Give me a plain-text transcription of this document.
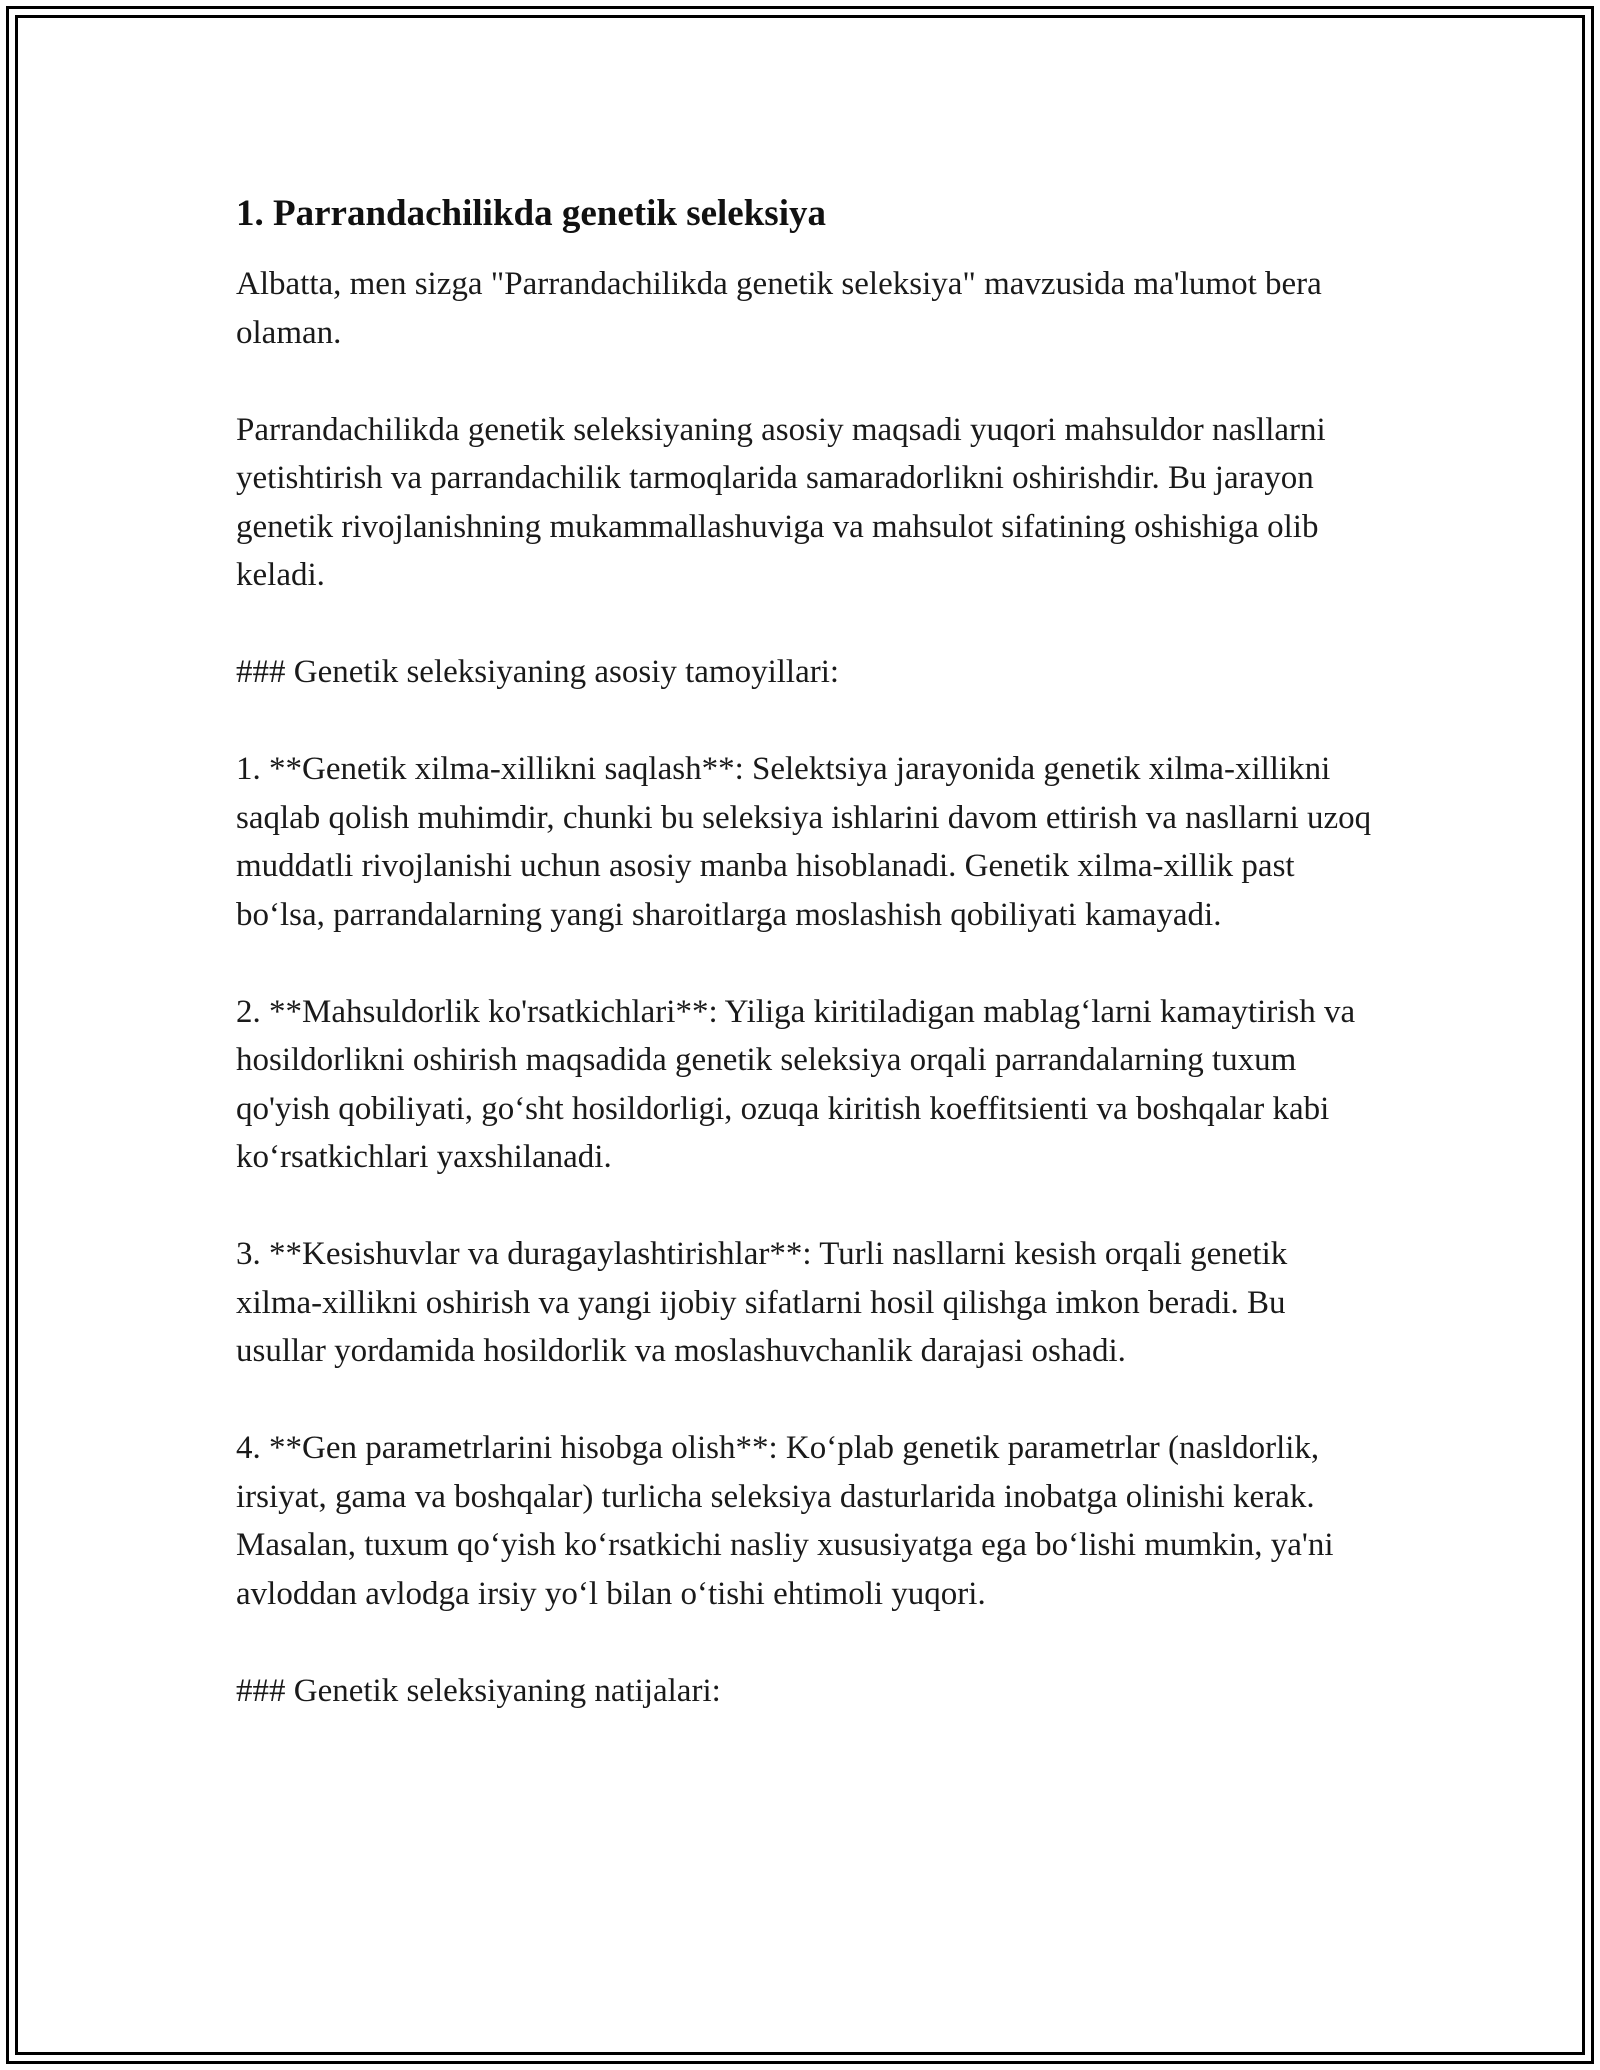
1. Parrandachilikda genetik seleksiya

Albatta, men sizga "Parrandachilikda genetik seleksiya" mavzusida ma'lumot bera olaman.

Parrandachilikda genetik seleksiyaning asosiy maqsadi yuqori mahsuldor nasllarni yetishtirish va parrandachilik tarmoqlarida samaradorlikni oshirishdir. Bu jarayon genetik rivojlanishning mukammallashuviga va mahsulot sifatining oshishiga olib keladi.

### Genetik seleksiyaning asosiy tamoyillari:

1. **Genetik xilma-xillikni saqlash**: Selektsiya jarayonida genetik xilma-xillikni saqlab qolish muhimdir, chunki bu seleksiya ishlarini davom ettirish va nasllarni uzoq muddatli rivojlanishi uchun asosiy manba hisoblanadi. Genetik xilma-xillik past bo‘lsa, parrandalarning yangi sharoitlarga moslashish qobiliyati kamayadi.

2. **Mahsuldorlik ko'rsatkichlari**: Yiliga kiritiladigan mablag‘larni kamaytirish va hosildorlikni oshirish maqsadida genetik seleksiya orqali parrandalarning tuxum qo'yish qobiliyati, go‘sht hosildorligi, ozuqa kiritish koeffitsienti va boshqalar kabi ko‘rsatkichlari yaxshilanadi.

3. **Kesishuvlar va duragaylashtirishlar**: Turli nasllarni kesish orqali genetik xilma-xillikni oshirish va yangi ijobiy sifatlarni hosil qilishga imkon beradi. Bu usullar yordamida hosildorlik va moslashuvchanlik darajasi oshadi.

4. **Gen parametrlarini hisobga olish**: Ko‘plab genetik parametrlar (nasldorlik, irsiyat, gama va boshqalar) turlicha seleksiya dasturlarida inobatga olinishi kerak. Masalan, tuxum qo‘yish ko‘rsatkichi nasliy xususiyatga ega bo‘lishi mumkin, ya'ni avloddan avlodga irsiy yo‘l bilan o‘tishi ehtimoli yuqori.

### Genetik seleksiyaning natijalari:
